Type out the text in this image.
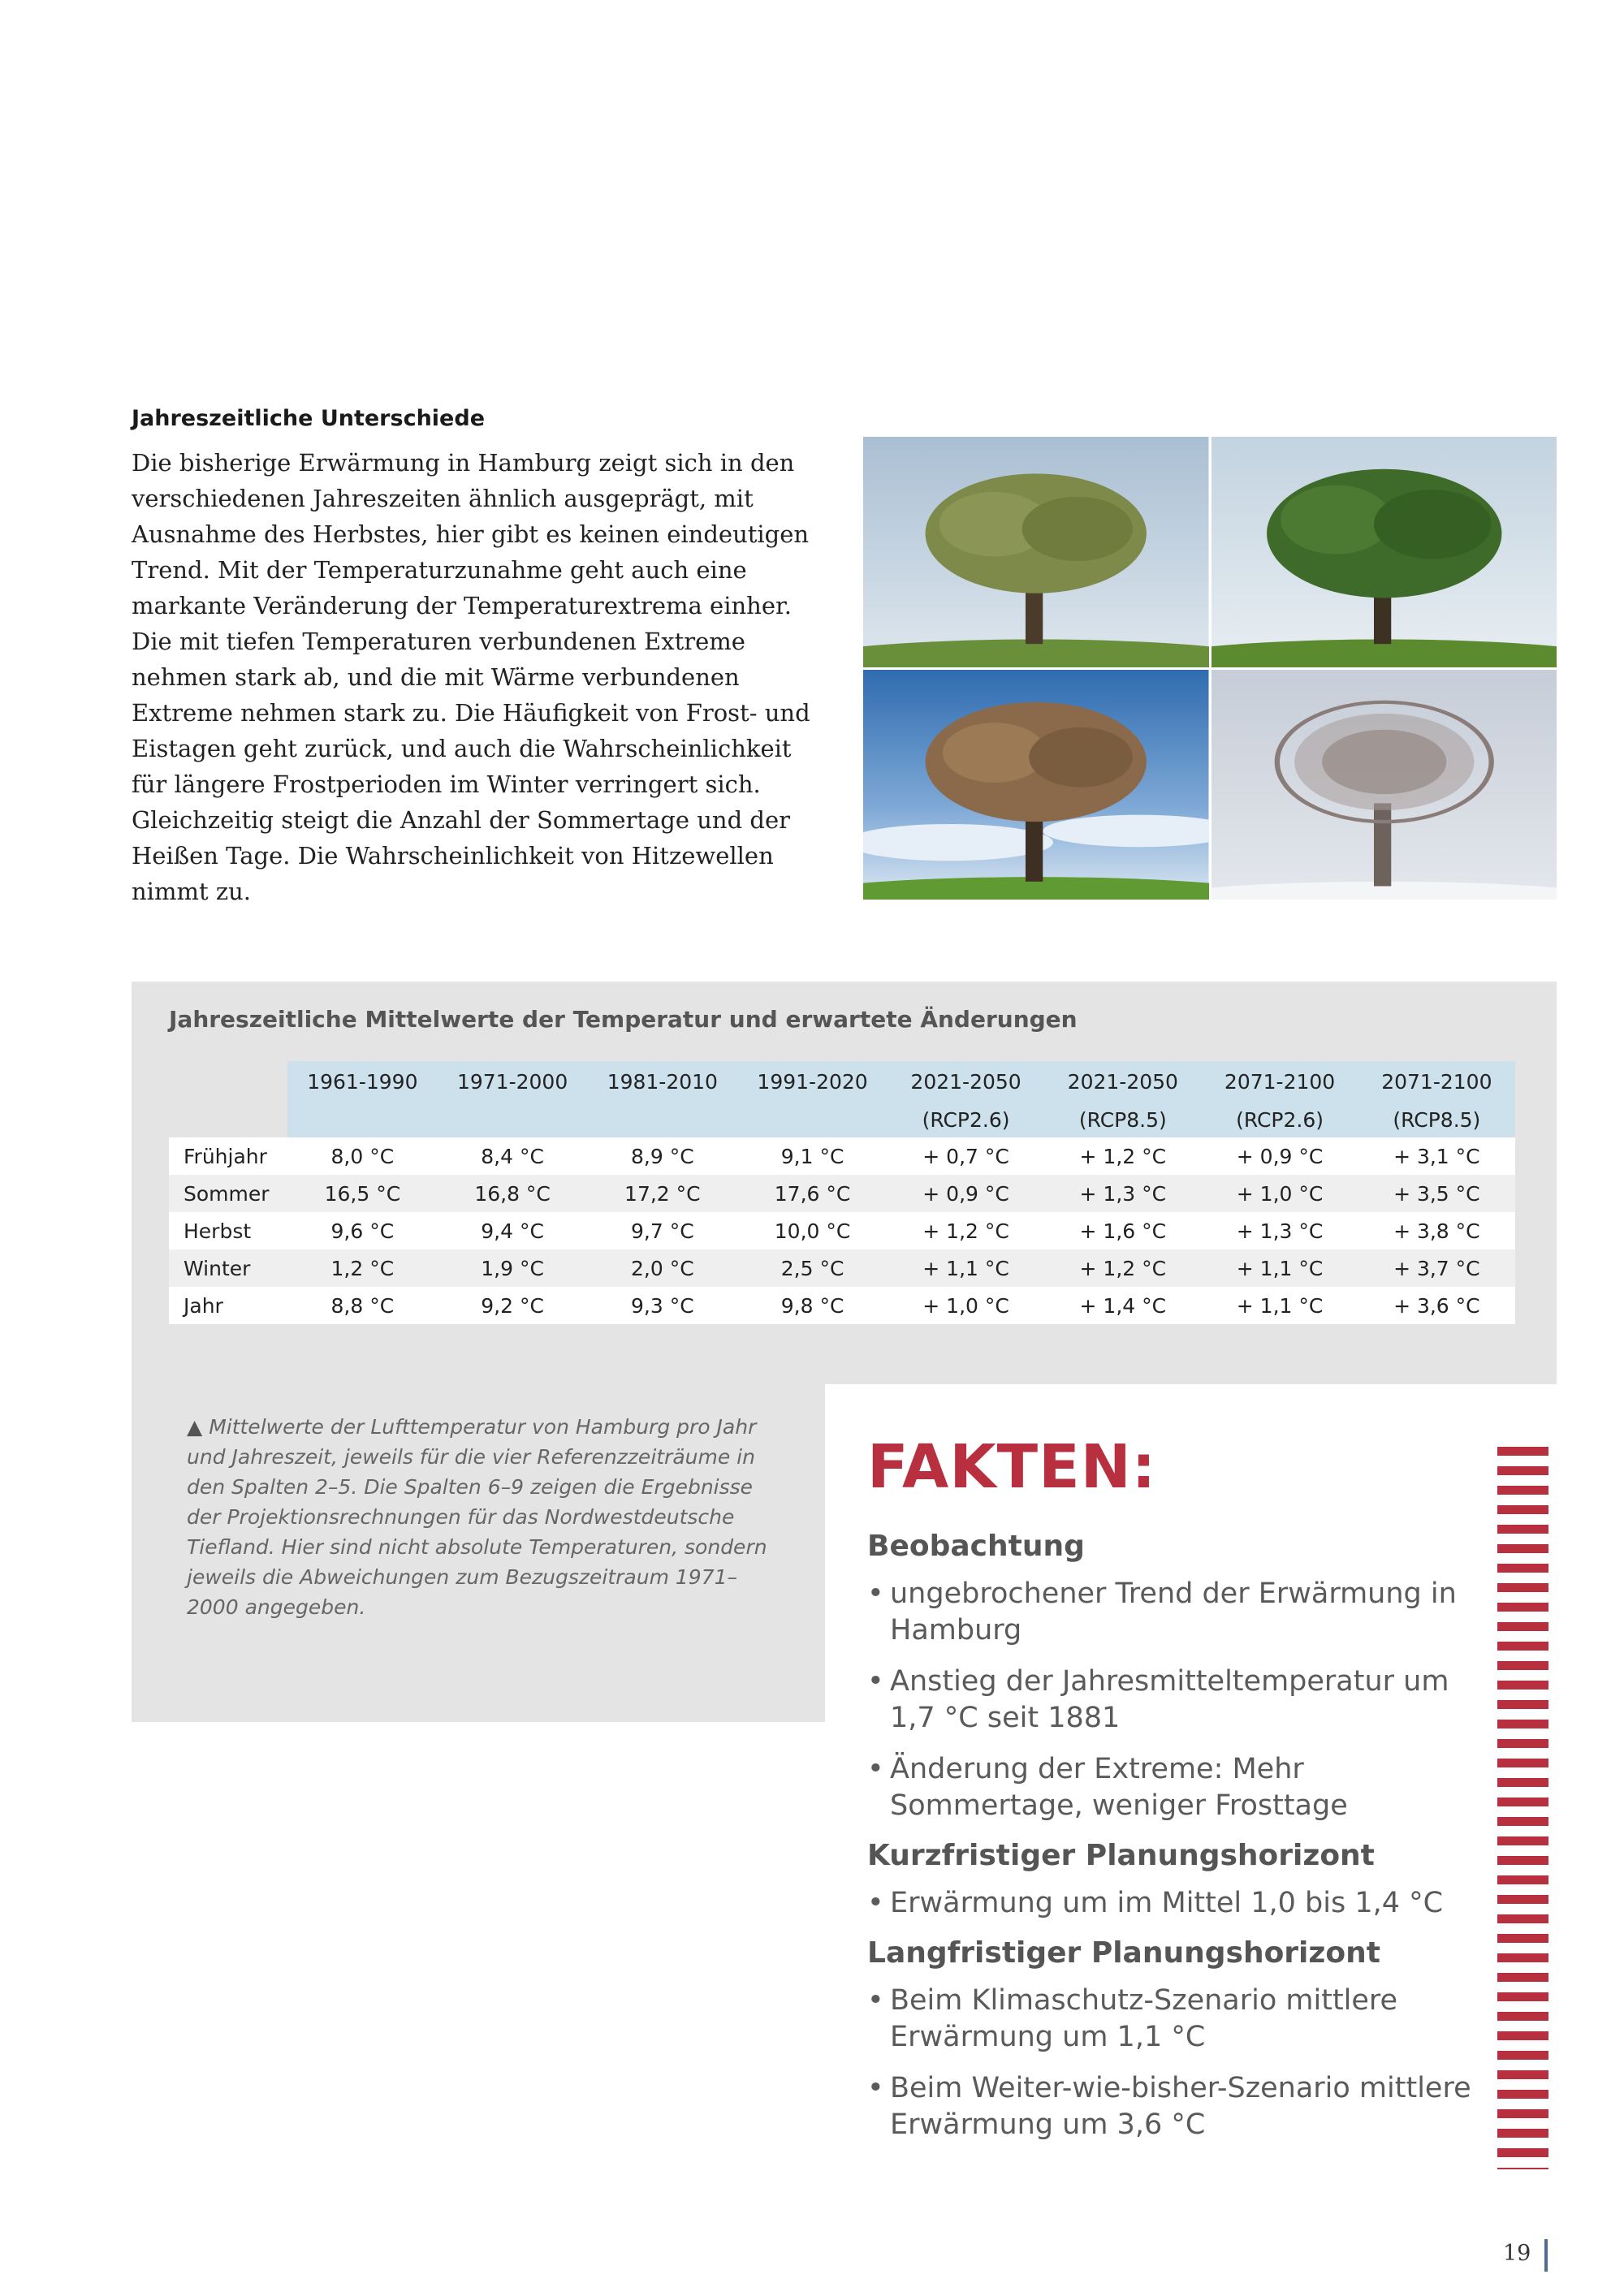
Jahreszeitliche Unterschiede

Die bisherige Erwärmung in Hamburg zeigt sich in den verschiedenen Jahreszeiten ähnlich ausgeprägt, mit Ausnahme des Herbstes, hier gibt es keinen eindeutigen Trend. Mit der Temperaturzunahme geht auch eine markante Veränderung der Temperaturextrema einher. Die mit tiefen Temperaturen verbundenen Extreme nehmen stark ab, und die mit Wärme verbundenen Extreme nehmen stark zu. Die Häufigkeit von Frost- und Eistagen geht zurück, und auch die Wahrscheinlichkeit für längere Frostperioden im Winter verringert sich. Gleichzeitig steigt die Anzahl der Sommertage und der Heißen Tage. Die Wahrscheinlichkeit von Hitzewellen nimmt zu.

Jahreszeitliche Mittelwerte der Temperatur und erwartete Änderungen
	1961-1990	1971-2000	1981-2010	1991-2020	2021-2050	2021-2050	2071-2100	2071-2100
					(RCP2.6)	(RCP8.5)	(RCP2.6)	(RCP8.5)
Frühjahr	8,0 °C	8,4 °C	8,9 °C	9,1 °C	+ 0,7 °C	+ 1,2 °C	+ 0,9 °C	+ 3,1 °C
Sommer	16,5 °C	16,8 °C	17,2 °C	17,6 °C	+ 0,9 °C	+ 1,3 °C	+ 1,0 °C	+ 3,5 °C
Herbst	9,6 °C	9,4 °C	9,7 °C	10,0 °C	+ 1,2 °C	+ 1,6 °C	+ 1,3 °C	+ 3,8 °C
Winter	1,2 °C	1,9 °C	2,0 °C	2,5 °C	+ 1,1 °C	+ 1,2 °C	+ 1,1 °C	+ 3,7 °C
Jahr	8,8 °C	9,2 °C	9,3 °C	9,8 °C	+ 1,0 °C	+ 1,4 °C	+ 1,1 °C	+ 3,6 °C

▲ Mittelwerte der Lufttemperatur von Hamburg pro Jahr und Jahreszeit, jeweils für die vier Referenzzeiträume in den Spalten 2–5. Die Spalten 6–9 zeigen die Ergebnisse der Projektionsrechnungen für das Nordwestdeutsche Tiefland. Hier sind nicht absolute Temperaturen, sondern jeweils die Abweichungen zum Bezugszeitraum 1971–2000 angegeben.

FAKTEN:
Beobachtung
• ungebrochener Trend der Erwärmung in Hamburg
• Anstieg der Jahresmitteltemperatur um 1,7 °C seit 1881
• Änderung der Extreme: Mehr Sommertage, weniger Frosttage
Kurzfristiger Planungshorizont
• Erwärmung um im Mittel 1,0 bis 1,4 °C
Langfristiger Planungshorizont
• Beim Klimaschutz-Szenario mittlere Erwärmung um 1,1 °C
• Beim Weiter-wie-bisher-Szenario mittlere Erwärmung um 3,6 °C
19
